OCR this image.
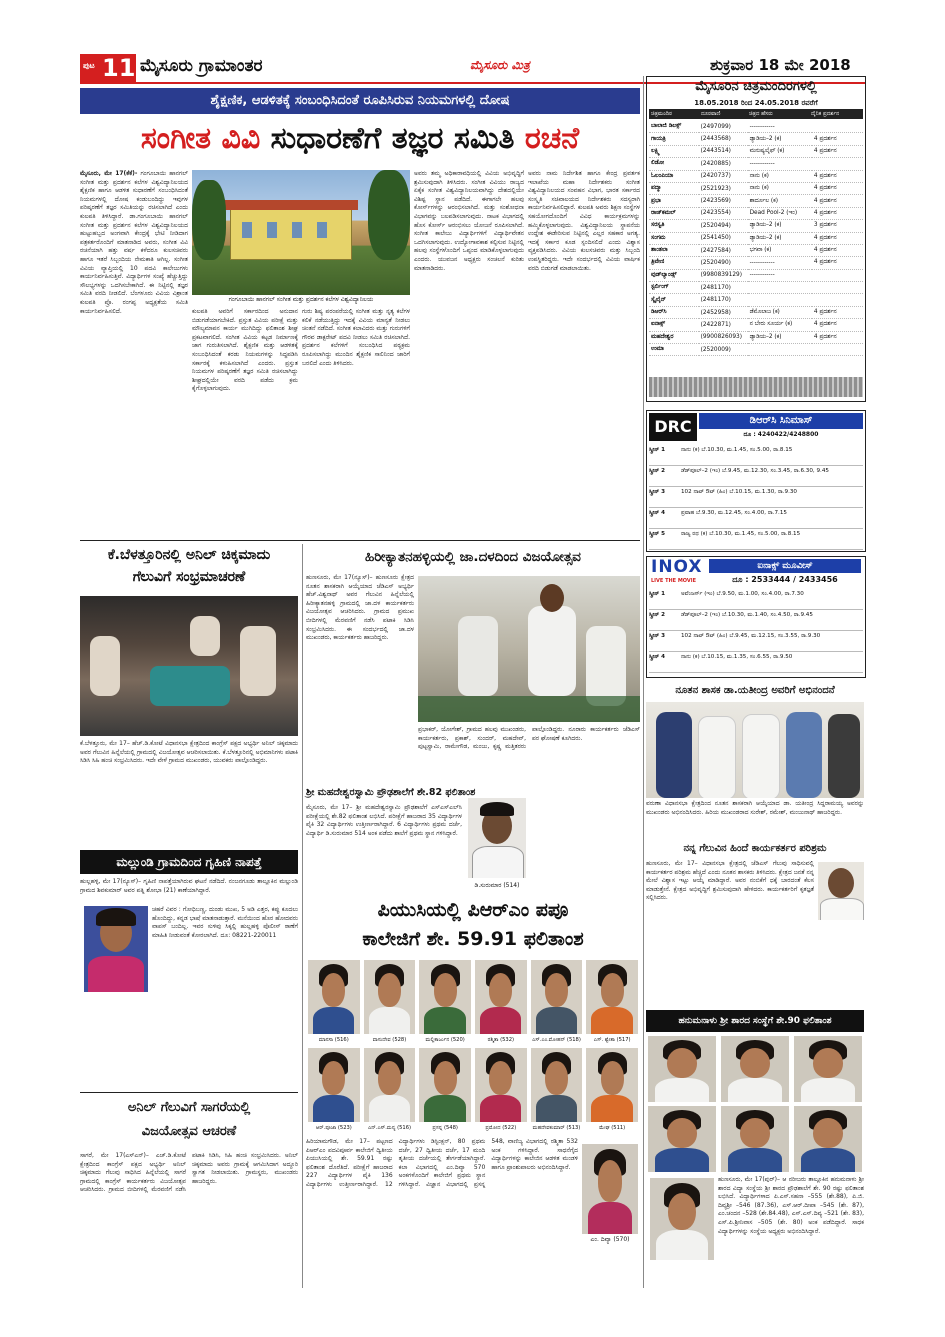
ಪುಟ 11 ಮೈಸೂರು ಗ್ರಾಮಾಂತರ	ಮೈಸೂರು ಮಿತ್ರ	ಶುಕ್ರವಾರ 18 ಮೇ 2018
ಶೈಕ್ಷಣಿಕ, ಆಡಳಿತಕ್ಕೆ ಸಂಬಂಧಿಸಿದಂತೆ ರೂಪಿಸಿರುವ ನಿಯಮಗಳಲ್ಲಿ ದೋಷ
ಸಂಗೀತ ವಿವಿ ಸುಧಾರಣೆಗೆ ತಜ್ಞರ ಸಮಿತಿ ರಚನೆ

ಮೈಸೂರು, ಮೇ 17(ಕೆಕೆ)- ಗಂಗೂಬಾಯಿ ಹಾನಗಲ್ ಸಂಗೀತ ಮತ್ತು ಪ್ರದರ್ಶನ ಕಲೆಗಳ ವಿಶ್ವವಿದ್ಯಾನಿಲಯದ ಶೈಕ್ಷಣಿಕ ಹಾಗೂ ಆಡಳಿತ ಸುಧಾರಣೆಗೆ ಸಂಬಂಧಿಸಿದಂತೆ ನಿಯಮಗಳಲ್ಲಿ ದೋಷ ಕಂಡುಬಂದಿದ್ದು ಇವುಗಳ ಪರಿಷ್ಕರಣೆಗೆ ತಜ್ಞರ ಸಮಿತಿಯನ್ನು ರಚಿಸಲಾಗಿದೆ ಎಂದು ಕುಲಪತಿ ತಿಳಿಸಿದ್ದಾರೆ. ಡಾ.ಗಂಗೂಬಾಯಿ ಹಾನಗಲ್ ಸಂಗೀತ ಮತ್ತು ಪ್ರದರ್ಶನ ಕಲೆಗಳ ವಿಶ್ವವಿದ್ಯಾನಿಲಯದ ಹುಟ್ಟುಹಬ್ಬದ ಅಂಗವಾಗಿ ಕೇಂದ್ರಕ್ಕೆ ಭೇಟಿ ನೀಡಿದಾಗ ಪತ್ರಕರ್ತರೊಂದಿಗೆ ಮಾತನಾಡಿದ ಅವರು, ಸಂಗೀತ ವಿವಿ ರಚನೆಯಾಗಿ ಹತ್ತು ವರ್ಷ ಕಳೆದರೂ ಕುಲಸಚಿವರು ಹಾಗೂ ಇತರೆ ಸಿಬ್ಬಂದಿಯ ನೇಮಕಾತಿ ಆಗಿಲ್ಲ. ಸಂಗೀತ ವಿವಿಯ ವ್ಯಾಪ್ತಿಯಲ್ಲಿ 10 ಪದವಿ ಕಾಲೇಜುಗಳು ಕಾರ್ಯನಿರ್ವಹಿಸುತ್ತಿವೆ. ವಿದ್ಯಾರ್ಥಿಗಳ ಸಂಖ್ಯೆ ಹೆಚ್ಚುತ್ತಿದ್ದು ಸೌಲಭ್ಯಗಳನ್ನು ಒದಗಿಸಬೇಕಾಗಿದೆ. ಈ ನಿಟ್ಟಿನಲ್ಲಿ ತಜ್ಞರ ಸಮಿತಿ ವರದಿ ನೀಡಲಿದೆ. ಬೆಂಗಳೂರು ವಿವಿಯ ವಿಶ್ರಾಂತ ಕುಲಪತಿ ಪ್ರೊ. ರಂಗಪ್ಪ ಅಧ್ಯಕ್ಷತೆಯ ಸಮಿತಿ ಕಾರ್ಯನಿರ್ವಹಿಸಲಿದೆ.

ಗಂಗೂಬಾಯಿ ಹಾನಗಲ್ ಸಂಗೀತ ಮತ್ತು ಪ್ರದರ್ಶನ ಕಲೆಗಳ ವಿಶ್ವವಿದ್ಯಾನಿಲಯ
ಕುಲಪತಿ ಅವರಿಗೆ ಸರ್ಕಾರದಿಂದ ಅನುದಾನ ಬಿಡುಗಡೆಯಾಗಬೇಕಿದೆ. ಪ್ರಸ್ತುತ ವಿವಿಯ ಪರೀಕ್ಷೆ ಮತ್ತು ಮೌಲ್ಯಮಾಪನ ಕಾರ್ಯ ಮುಗಿದಿದ್ದು ಫಲಿತಾಂಶ ಶೀಘ್ರ ಪ್ರಕಟವಾಗಲಿದೆ. ಸಂಗೀತ ವಿವಿಯ ಕಟ್ಟಡ ನಿರ್ಮಾಣಕ್ಕೆ ಜಾಗ ಗುರುತಿಸಲಾಗಿದೆ. ಶೈಕ್ಷಣಿಕ ಮತ್ತು ಆಡಳಿತಕ್ಕೆ ಸಂಬಂಧಿಸಿದಂತೆ ಕರಡು ನಿಯಮಗಳನ್ನು ಸಿದ್ಧಪಡಿಸಿ ಸರ್ಕಾರಕ್ಕೆ ಕಳುಹಿಸಲಾಗಿದೆ ಎಂದರು. ಪ್ರಸ್ತುತ ನಿಯಮಗಳ ಪರಿಷ್ಕರಣೆಗೆ ತಜ್ಞರ ಸಮಿತಿ ರಚಿಸಲಾಗಿದ್ದು ಶೀಘ್ರದಲ್ಲಿಯೇ ವರದಿ ಪಡೆದು ಕ್ರಮ ಕೈಗೊಳ್ಳಲಾಗುವುದು.
ಗುರು ಶಿಷ್ಯ ಪರಂಪರೆಯಲ್ಲಿ ಸಂಗೀತ ಮತ್ತು ನೃತ್ಯ ಕಲೆಗಳ ಕಲಿಕೆ ನಡೆಯುತ್ತಿದ್ದು ಇದಕ್ಕೆ ವಿವಿಯ ಮಾನ್ಯತೆ ನೀಡಲು ಚಿಂತನೆ ನಡೆದಿದೆ. ಸಂಗೀತ ಕಲಾವಿದರು ಮತ್ತು ಗುರುಗಳಿಗೆ ಗೌರವ ಡಾಕ್ಟರೇಟ್ ಪದವಿ ನೀಡಲು ಸಮಿತಿ ರಚಿಸಲಾಗಿದೆ. ಪ್ರದರ್ಶನ ಕಲೆಗಳಿಗೆ ಸಂಬಂಧಿಸಿದ ಪಠ್ಯಕ್ರಮ ರೂಪಿಸಲಾಗಿದ್ದು ಮುಂದಿನ ಶೈಕ್ಷಣಿಕ ಸಾಲಿನಿಂದ ಜಾರಿಗೆ ಬರಲಿದೆ ಎಂದು ತಿಳಿಸಿದರು.
ಅವರು ತಮ್ಮ ಅಧಿಕಾರಾವಧಿಯಲ್ಲಿ ವಿವಿಯ ಅಭಿವೃದ್ಧಿಗೆ ಶ್ರಮಿಸುವುದಾಗಿ ತಿಳಿಸಿದರು. ಸಂಗೀತ ವಿವಿಯು ರಾಜ್ಯದ ಏಕೈಕ ಸಂಗೀತ ವಿಶ್ವವಿದ್ಯಾನಿಲಯವಾಗಿದ್ದು ದೇಶದಲ್ಲಿಯೇ ವಿಶಿಷ್ಟ ಸ್ಥಾನ ಪಡೆದಿದೆ. ಈಗಾಗಲೇ ಹಲವು ಕೋರ್ಸ್‌ಗಳನ್ನು ಆರಂಭಿಸಲಾಗಿದೆ. ಮತ್ತು ಸಂಶೋಧನಾ ವಿಭಾಗವನ್ನು ಬಲಪಡಿಸಲಾಗುವುದು. ನಾಟಕ ವಿಭಾಗದಲ್ಲಿ ಹೊಸ ಕೋರ್ಸ್ ಆರಂಭಿಸಲು ಯೋಜನೆ ರೂಪಿಸಲಾಗಿದೆ. ಸಂಗೀತ ಕಾಲೇಜು ವಿದ್ಯಾರ್ಥಿಗಳಿಗೆ ವಿದ್ಯಾರ್ಥಿವೇತನ ಒದಗಿಸಲಾಗುವುದು. ಉದ್ಯೋಗಾವಕಾಶ ಕಲ್ಪಿಸುವ ನಿಟ್ಟಿನಲ್ಲಿ ಹಲವು ಸಂಸ್ಥೆಗಳೊಂದಿಗೆ ಒಪ್ಪಂದ ಮಾಡಿಕೊಳ್ಳಲಾಗುವುದು ಎಂದರು. ಯುವಜನ ಅಧ್ಯಕ್ಷರು ಸಂಚಲನೆ ಕುರಿತು ಮಾತನಾಡಿದರು.
ಅವರು ನಾಮ ನಿರ್ದೇಶಿತ ಹಾಗೂ ಕೇಂದ್ರ ಪ್ರವರ್ತಕ ಇಲಾಖೆಯ ಮಹಾ ನಿರ್ದೇಶಕರು ಸಂಗೀತ ವಿಶ್ವವಿದ್ಯಾನಿಲಯದ ಸಂವಹನ ವಿಭಾಗ, ಭಾರತ ಸರ್ಕಾರದ ಸಂಸ್ಕೃತಿ ಸಚಿವಾಲಯದ ನಿರ್ದೇಶಕರು ಸದಸ್ಯರಾಗಿ ಕಾರ್ಯನಿರ್ವಹಿಸಲಿದ್ದಾರೆ. ಕುಲಪತಿ ಅವರು ಶಿಕ್ಷಣ ಸಂಸ್ಥೆಗಳ ಸಹಯೋಗದೊಂದಿಗೆ ವಿವಿಧ ಕಾರ್ಯಕ್ರಮಗಳನ್ನು ಹಮ್ಮಿಕೊಳ್ಳಲಾಗುವುದು. ವಿಶ್ವವಿದ್ಯಾನಿಲಯ ಸ್ಥಾಪನೆಯ ಉದ್ದೇಶ ಈಡೇರಿಸುವ ನಿಟ್ಟಿನಲ್ಲಿ ಎಲ್ಲರ ಸಹಕಾರ ಅಗತ್ಯ. ಇದಕ್ಕೆ ಸರ್ಕಾರ ಕೂಡ ಸ್ಪಂದಿಸಲಿದೆ ಎಂದು ವಿಶ್ವಾಸ ವ್ಯಕ್ತಪಡಿಸಿದರು. ವಿವಿಯ ಕುಲಸಚಿವರು ಮತ್ತು ಸಿಬ್ಬಂದಿ ಉಪಸ್ಥಿತರಿದ್ದರು. ಇದೇ ಸಂದರ್ಭದಲ್ಲಿ ವಿವಿಯ ವಾರ್ಷಿಕ ವರದಿ ಬಿಡುಗಡೆ ಮಾಡಲಾಯಿತು.
ಮೈಸೂರಿನ ಚಿತ್ರಮಂದಿರಗಳಲ್ಲಿ
18.05.2018 ರಿಂದ 24.05.2018 ರವರೆಗೆ
ಚಿತ್ರಮಂದಿರ	ದೂರವಾಣಿ	ಚಿತ್ರದ ಹೆಸರು	ದೈನಿಕ ಪ್ರದರ್ಶನ
ಬಾಲಾಜಿ ಡಿಲಕ್ಸ್	(2497099)	------------	
ಗಾಯತ್ರಿ	(2443568)	ಡ್ಯಾಡಿಯ–2 (ಕ)	4 ಪ್ರದರ್ಶನ
ಲಕ್ಷ್ಮಿ	(2443514)	ಮನುಷ್ಯಲೈಫ್ (ಕ)	4 ಪ್ರದರ್ಶನ
ಲಿಡೋ	(2420885)	------------	
ಓಲಂಪಿಯಾ	(2420737)	ನಾನು (ಕ)	4 ಪ್ರದರ್ಶನ
ಪದ್ಮಾ	(2521923)	ನಾನು (ಕ)	4 ಪ್ರದರ್ಶನ
ಪ್ರಭಾ	(2423569)	ಶಾರ್ದೂಲ (ಕ)	4 ಪ್ರದರ್ಶನ
ರಾಜ್‌ಕಮಲ್	(2423554)	Dead Pool-2 (ಇಂ)	4 ಪ್ರದರ್ಶನ
ಸರಸ್ವತಿ	(2520494)	ಡ್ಯಾಡಿಯ–2 (ಕ)	3 ಪ್ರದರ್ಶನ
ಸಂಗಮ	(2541450)	ಡ್ಯಾಡಿಯ–2 (ಕ)	4 ಪ್ರದರ್ಶನ
ಶಾಂತಲಾ	(2427584)	ಭಗವಾ (ಕ)	4 ಪ್ರದರ್ಶನ
ತ್ರಿವೇಣಿ	(2520490)	------------	4 ಪ್ರದರ್ಶನ
ವುಡ್‌ಲ್ಯಾಂಡ್ಸ್	(9980839129)	------------	
ಸ್ಟರ್ಲಿಂಗ್	(2481170)		
ಸ್ಕೈಲೈನ್	(2481170)		
ಡಿಆರ್‌ಸಿ	(2452958)	ಡೆಮೊಲಾಜ (ಕ)	4 ಪ್ರದರ್ಶನ
ಐನಾಕ್ಸ್	(2422871)	ನ ಬೇರು ಸೂರ್ಯ (ಕ)	4 ಪ್ರದರ್ಶನ
ಮಹದೇಶ್ವರ	(9900826093)	ಡ್ಯಾಡಿಯ–2 (ಕ)	4 ಪ್ರದರ್ಶನ
ಉಮಾ	(2520009)		
DRC	ಡಿಆರ್‌ಸಿ ಸಿನಿಮಾಸ್
ದೂ : 4240422/4248800
ಸ್ಕ್ರೀನ್ 1	ನಾನು (ಕ) ಬೆ.10.30, ಮ.1.45, ಸಂ.5.00, ರಾ.8.15
ಸ್ಕ್ರೀನ್ 2	ಡೆಡ್‌ಪೂಲ್–2 (ಇಂ) ಬೆ.9.45, ಮ.12.30, ಸಂ.3.45, ರಾ.6.30, 9.45
ಸ್ಕ್ರೀನ್ 3	102 ನಾಟ್ ಔಟ್ (ಹಿಂ) ಬೆ.10.15, ಮ.1.30, ರಾ.9.30
ಸ್ಕ್ರೀನ್ 4	ಪ್ರವಾಹ ಬೆ.9.30, ಮ.12.45, ಸಂ.4.00, ರಾ.7.15
ಸ್ಕ್ರೀನ್ 5	ರಾಜ್ಯ ರಥ (ಕ) ಬೆ.10.30, ಮ.1.45, ಸಂ.5.00, ರಾ.8.15
INOX
LIVE THE MOVIE
ಐನಾಕ್ಸ್ ಮೂವೀಸ್
ದೂ : 2533444 / 2433456
ಸ್ಕ್ರೀನ್ 1	ಅವೆಂಜರ್ಸ್ (ಇಂ) ಬೆ.9.50, ಮ.1.00, ಸಂ.4.00, ರಾ.7.30
ಸ್ಕ್ರೀನ್ 2	ಡೆಡ್‌ಪೂಲ್–2 (ಇಂ) ಬೆ.10.30, ಮ.1.40, ಸಂ.4.50, ರಾ.9.45
ಸ್ಕ್ರೀನ್ 3	102 ನಾಟ್ ಔಟ್ (ಹಿಂ) ಬೆ.9.45, ಮ.12.15, ಸಂ.3.55, ರಾ.9.30
ಸ್ಕ್ರೀನ್ 4	ನಾನು (ಕ) ಬೆ.10.15, ಮ.1.35, ಸಂ.6.55, ರಾ.9.50
ಕೆ.ಬೆಳತ್ತೂರಿನಲ್ಲಿ ಅನಿಲ್ ಚಿಕ್ಕಮಾದು
ಗೆಲುವಿಗೆ ಸಂಭ್ರಮಾಚರಣೆ
ಕೆ.ಬೆಳತ್ತೂರು, ಮೇ 17– ಹೆಚ್.ಡಿ.ಕೋಟೆ ವಿಧಾನಸಭಾ ಕ್ಷೇತ್ರದಿಂದ ಕಾಂಗ್ರೆಸ್ ಪಕ್ಷದ ಅಭ್ಯರ್ಥಿ ಅನಿಲ್ ಚಿಕ್ಕಮಾದು ಅವರ ಗೆಲುವಿನ ಹಿನ್ನೆಲೆಯಲ್ಲಿ ಗ್ರಾಮದಲ್ಲಿ ವಿಜಯೋತ್ಸವ ಆಚರಿಸಲಾಯಿತು. ಕೆ.ಬೆಳತ್ತೂರಿನಲ್ಲಿ ಅಭಿಮಾನಿಗಳು ಪಟಾಕಿ ಸಿಡಿಸಿ ಸಿಹಿ ಹಂಚಿ ಸಂಭ್ರಮಿಸಿದರು. ಇದೇ ವೇಳೆ ಗ್ರಾಮದ ಮುಖಂಡರು, ಯುವಕರು ಪಾಲ್ಗೊಂಡಿದ್ದರು.
ಮಲ್ಲುಂಡಿ ಗ್ರಾಮದಿಂದ ಗೃಹಿಣಿ ನಾಪತ್ತೆ
ಹುಲ್ಲಹಳ್ಳಿ, ಮೇ 17(ನ್ಯೂಸ್)– ಗೃಹಿಣಿ ನಾಪತ್ತೆಯಾಗಿರುವ ಘಟನೆ ನಡೆದಿದೆ. ನಂಜನಗೂಡು ತಾಲ್ಲೂಕಿನ ಮಲ್ಲುಂಡಿ ಗ್ರಾಮದ ಶಿವಕುಮಾರ್ ಅವರ ಪತ್ನಿ ಶೋಭಾ (21) ಕಾಣೆಯಾಗಿದ್ದಾರೆ.
ಚಹರೆ ವಿವರ : ಗೋಧಿಬಣ್ಣ, ದುಂಡು ಮುಖ, 5 ಅಡಿ ಎತ್ತರ, ಕಪ್ಪು ಕೂದಲು ಹೊಂದಿದ್ದು, ಕನ್ನಡ ಭಾಷೆ ಮಾತನಾಡುತ್ತಾರೆ. ಮನೆಯಿಂದ ಹೊರ ಹೋದವರು ವಾಪಸ್ ಬಂದಿಲ್ಲ. ಇವರ ಸುಳಿವು ಸಿಕ್ಕಲ್ಲಿ ಹುಲ್ಲಹಳ್ಳಿ ಪೊಲೀಸ್ ಠಾಣೆಗೆ ಮಾಹಿತಿ ನೀಡುವಂತೆ ಕೋರಲಾಗಿದೆ. ದೂ: 08221-220011
ಅನಿಲ್ ಗೆಲುವಿಗೆ ಸಾಗರೆಯಲ್ಲಿ
ವಿಜಯೋತ್ಸವ ಆಚರಣೆ
ಸಾಗರೆ, ಮೇ 17(ಎಸ್‌ಎನ್)– ಎಚ್.ಡಿ.ಕೋಟೆ ಕ್ಷೇತ್ರದಿಂದ ಕಾಂಗ್ರೆಸ್ ಪಕ್ಷದ ಅಭ್ಯರ್ಥಿ ಅನಿಲ್ ಚಿಕ್ಕಮಾದು ಗೆಲುವು ಸಾಧಿಸಿದ ಹಿನ್ನೆಲೆಯಲ್ಲಿ ಸಾಗರೆ ಗ್ರಾಮದಲ್ಲಿ ಕಾಂಗ್ರೆಸ್ ಕಾರ್ಯಕರ್ತರು ವಿಜಯೋತ್ಸವ ಆಚರಿಸಿದರು. ಗ್ರಾಮದ ಬೀದಿಗಳಲ್ಲಿ ಮೆರವಣಿಗೆ ನಡೆಸಿ ಪಟಾಕಿ ಸಿಡಿಸಿ, ಸಿಹಿ ಹಂಚಿ ಸಂಭ್ರಮಿಸಿದರು. ಅನಿಲ್ ಚಿಕ್ಕಮಾದು ಅವರು ಗ್ರಾಮಕ್ಕೆ ಆಗಮಿಸಿದಾಗ ಅದ್ಧೂರಿ ಸ್ವಾಗತ ನೀಡಲಾಯಿತು. ಗ್ರಾಮಸ್ಥರು, ಮುಖಂಡರು ಹಾಜರಿದ್ದರು.
ಹಿರೀಕ್ಯಾತನಹಳ್ಳಿಯಲ್ಲಿ ಜಾ.ದಳದಿಂದ ವಿಜಯೋತ್ಸವ
ಹುಣಸೂರು, ಮೇ 17(ನ್ಯೂಸ್)– ಹುಣಸೂರು ಕ್ಷೇತ್ರದ ನೂತನ ಶಾಸಕರಾಗಿ ಆಯ್ಕೆಯಾದ ಜೆಡಿಎಸ್ ಅಭ್ಯರ್ಥಿ ಹೆಚ್.ವಿಶ್ವನಾಥ್ ಅವರ ಗೆಲುವಿನ ಹಿನ್ನೆಲೆಯಲ್ಲಿ ಹಿರೀಕ್ಯಾತನಹಳ್ಳಿ ಗ್ರಾಮದಲ್ಲಿ ಜಾ.ದಳ ಕಾರ್ಯಕರ್ತರು ವಿಜಯೋತ್ಸವ ಆಚರಿಸಿದರು. ಗ್ರಾಮದ ಪ್ರಮುಖ ಬೀದಿಗಳಲ್ಲಿ ಮೆರವಣಿಗೆ ನಡೆಸಿ ಪಟಾಕಿ ಸಿಡಿಸಿ ಸಂಭ್ರಮಿಸಿದರು. ಈ ಸಂದರ್ಭದಲ್ಲಿ ಜಾ.ದಳ ಮುಖಂಡರು, ಕಾರ್ಯಕರ್ತರು ಹಾಜರಿದ್ದರು.
ಪ್ರಭಾಕರ್, ಯೋಗೇಶ್, ಗ್ರಾಮದ ಹಲವು ಮುಖಂಡರು, ಕಾರ್ಯಕರ್ತರು, ಪ್ರಕಾಶ್, ಸುಂದರ್, ಮಹದೇವ್, ಪುಟ್ಟಸ್ವಾಮಿ, ರಾಮೇಗೌಡ, ಮಂಜು, ಕೃಷ್ಣ ಮತ್ತಿತರರು ಪಾಲ್ಗೊಂಡಿದ್ದರು. ನೂರಾರು ಕಾರ್ಯಕರ್ತರು ಜೆಡಿಎಸ್ ಪರ ಘೋಷಣೆ ಕೂಗಿದರು.
ಶ್ರೀ ಮಹದೇಶ್ವರಸ್ವಾಮಿ ಪ್ರೌಢಶಾಲೆಗೆ ಶೇ.82 ಫಲಿತಾಂಶ
ಮೈಸೂರು, ಮೇ 17– ಶ್ರೀ ಮಹದೇಶ್ವರಸ್ವಾಮಿ ಪ್ರೌಢಶಾಲೆಗೆ ಎಸ್‌ಎಸ್‌ಎಲ್‌ಸಿ ಪರೀಕ್ಷೆಯಲ್ಲಿ ಶೇ.82 ಫಲಿತಾಂಶ ಲಭಿಸಿದೆ. ಪರೀಕ್ಷೆಗೆ ಹಾಜರಾದ 35 ವಿದ್ಯಾರ್ಥಿಗಳ ಪೈಕಿ 32 ವಿದ್ಯಾರ್ಥಿಗಳು ಉತ್ತೀರ್ಣರಾಗಿದ್ದಾರೆ. 6 ವಿದ್ಯಾರ್ಥಿಗಳು ಪ್ರಥಮ ದರ್ಜೆ, ವಿದ್ಯಾರ್ಥಿ ಡಿ.ಸುರುಮಾರ 514 ಅಂಕ ಪಡೆದು ಶಾಲೆಗೆ ಪ್ರಥಮ ಸ್ಥಾನ ಗಳಿಸಿದ್ದಾರೆ.
ಡಿ.ಸುರುಮಾರ (514)
ಪಿಯುಸಿಯಲ್ಲಿ ಪಿಆರ್‌ಎಂ ಪಪೂ
ಕಾಲೇಜಿಗೆ ಶೇ. 59.91 ಫಲಿತಾಂಶ
ಮಾನಸಾ (516)	ವಾಸುದೇವ (528)	ಮಲ್ಲಿಕಾರ್ಜುನ (520)	ರಶ್ಮಿತಾ (532)	ಎಸ್.ಎಂ.ಮೋಹನ್ (518)	ಎಸ್. ಶ್ವೇತಾ (517)
ಆರ್.ಪೂಜಾ (523)	ಎನ್.ಎಸ್.ಮನ್ಯ (516)	ಪ್ರಸನ್ನ (548)	ಪ್ರಮೋದ (522)	ಮಹದೇವಕುಮಾರ್ (513)	ಮೇಘ (511)
ಹಿರಿಯಾಮಗೌಡ, ಮೇ 17– ಪಟ್ಟಣದ ಪಿಆರ್‌ಎಂ ಪದವಿಪೂರ್ವ ಕಾಲೇಜಿಗೆ ದ್ವಿತೀಯ ಪಿಯುಸಿಯಲ್ಲಿ ಶೇ. 59.91 ರಷ್ಟು ಫಲಿತಾಂಶ ದೊರೆತಿದೆ. ಪರೀಕ್ಷೆಗೆ ಹಾಜರಾದ 227 ವಿದ್ಯಾರ್ಥಿಗಳ ಪೈಕಿ 136 ವಿದ್ಯಾರ್ಥಿಗಳು ಉತ್ತೀರ್ಣರಾಗಿದ್ದಾರೆ. 12 ವಿದ್ಯಾರ್ಥಿಗಳು ಡಿಸ್ಟಿಂಕ್ಷನ್, 80 ಪ್ರಥಮ ದರ್ಜೆ, 27 ದ್ವಿತೀಯ ದರ್ಜೆ, 17 ಮಂದಿ ತೃತೀಯ ದರ್ಜೆಯಲ್ಲಿ ತೇರ್ಗಡೆಯಾಗಿದ್ದಾರೆ. ಕಲಾ ವಿಭಾಗದಲ್ಲಿ ಎಂ.ದಿವ್ಯಾ 570 ಅಂಕಗಳೊಂದಿಗೆ ಕಾಲೇಜಿಗೆ ಪ್ರಥಮ ಸ್ಥಾನ ಗಳಿಸಿದ್ದಾರೆ. ವಿಜ್ಞಾನ ವಿಭಾಗದಲ್ಲಿ ಪ್ರಸನ್ನ 548, ವಾಣಿಜ್ಯ ವಿಭಾಗದಲ್ಲಿ ರಶ್ಮಿತಾ 532 ಅಂಕ ಗಳಿಸಿದ್ದಾರೆ. ಸಾಧನೆಗೈದ ವಿದ್ಯಾರ್ಥಿಗಳನ್ನು ಕಾಲೇಜಿನ ಆಡಳಿತ ಮಂಡಳಿ ಹಾಗೂ ಪ್ರಾಂಶುಪಾಲರು ಅಭಿನಂದಿಸಿದ್ದಾರೆ.
ಎಂ. ದಿವ್ಯಾ (570)
ನೂತನ ಶಾಸಕ ಡಾ.ಯತೀಂದ್ರ ಅವರಿಗೆ ಅಭಿನಂದನೆ
ವರುಣಾ ವಿಧಾನಸಭಾ ಕ್ಷೇತ್ರದಿಂದ ನೂತನ ಶಾಸಕರಾಗಿ ಆಯ್ಕೆಯಾದ ಡಾ. ಯತೀಂದ್ರ ಸಿದ್ದರಾಮಯ್ಯ ಅವರನ್ನು ಮುಖಂಡರು ಅಭಿನಂದಿಸಿದರು. ಹಿರಿಯ ಮುಖಂಡರಾದ ಸುರೇಶ್, ರಮೇಶ್, ಮಂಜುನಾಥ್ ಹಾಜರಿದ್ದರು.
ನನ್ನ ಗೆಲುವಿನ ಹಿಂದೆ ಕಾರ್ಯಕರ್ತರ ಪರಿಶ್ರಮ
ಹುಣಸೂರು, ಮೇ 17– ವಿಧಾನಸಭಾ ಕ್ಷೇತ್ರದಲ್ಲಿ ಜೆಡಿಎಸ್ ಗೆಲುವು ಸಾಧಿಸುವಲ್ಲಿ ಕಾರ್ಯಕರ್ತರ ಪರಿಶ್ರಮ ಹೆಚ್ಚಿದೆ ಎಂದು ನೂತನ ಶಾಸಕರು ತಿಳಿಸಿದರು. ಕ್ಷೇತ್ರದ ಜನತೆ ನನ್ನ ಮೇಲೆ ವಿಶ್ವಾಸ ಇಟ್ಟು ಆಯ್ಕೆ ಮಾಡಿದ್ದಾರೆ. ಅವರ ನಂಬಿಕೆಗೆ ಧಕ್ಕೆ ಬಾರದಂತೆ ಕೆಲಸ ಮಾಡುತ್ತೇನೆ. ಕ್ಷೇತ್ರದ ಅಭಿವೃದ್ಧಿಗೆ ಶ್ರಮಿಸುವುದಾಗಿ ಹೇಳಿದರು. ಕಾರ್ಯಕರ್ತರಿಗೆ ಕೃತಜ್ಞತೆ ಸಲ್ಲಿಸಿದರು.
ಹನುಮನಾಳು ಶ್ರೀ ಶಾರದ ಸಂಸ್ಥೆಗೆ ಶೇ.90 ಫಲಿತಾಂಶ
ಹುಣಸೂರು, ಮೇ 17(ಪುರ್)– ಆ ನರೀಜರು ತಾಲ್ಲೂಕಿನ ಹನುಮನಾಳು ಶ್ರೀ ಶಾರದ ವಿದ್ಯಾ ಸಂಸ್ಥೆಯ ಶ್ರೀ ಶಾರದ ಪ್ರೌಢಶಾಲೆಗೆ ಶೇ. 90 ರಷ್ಟು ಫಲಿತಾಂಶ ಲಭಿಸಿದೆ. ವಿದ್ಯಾರ್ಥಿಗಳಾದ ಪಿ.ಎಸ್.ಸಹನಾ –555 (ಶೇ.88), ಪಿ.ಜಿ. ದಿವ್ಯಶ್ರೀ –546 (87.36), ಎಸ್.ಆರ್.ದೀಪಾ –545 (ಶೇ. 87), ಎಂ.ಚಂದನ –528 (ಶೇ.84.48), ಎಸ್.ಎಸ್.ದಿವ್ಯ –521 (ಶೇ. 83), ಎಸ್.ಪಿ.ಶ್ರೀನಿವಾಸ –505 (ಶೇ. 80) ಅಂಕ ಪಡೆದಿದ್ದಾರೆ. ಸಾಧಕ ವಿದ್ಯಾರ್ಥಿಗಳನ್ನು ಸಂಸ್ಥೆಯ ಅಧ್ಯಕ್ಷರು ಅಭಿನಂದಿಸಿದ್ದಾರೆ.
